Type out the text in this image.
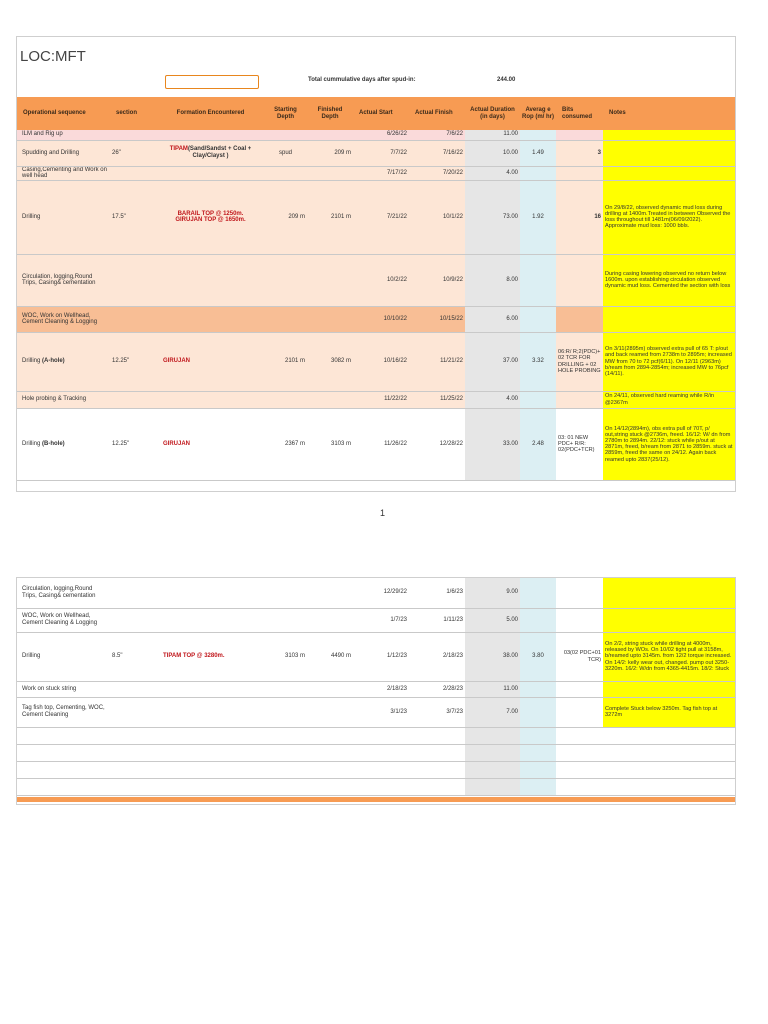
LOC:MFT
Total cummulative days after spud-in:	244.00
Operational sequence	section	Formation Encountered	Starting Depth	Finished Depth	Actual Start	Actual Finish	Actual Duration (in days)	Averag e Rop (m/ hr)	Bits consumed	Notes
ILM and Rig up					6/26/22	7/6/22	11.00			
Spudding and Drilling	26"	TIPAM(Sand/Sandst + Coal + Clay/Clayst )	spud	209 m	7/7/22	7/16/22	10.00	1.49	3	
Casing,Cementing and Work on well head					7/17/22	7/20/22	4.00			
Drilling	17.5"	BARAIL TOP @ 1250m.
GIRUJAN TOP @ 1650m.	209 m	2101 m	7/21/22	10/1/22	73.00	1.92	16	On 29/8/22, observed dynamic mud loss during drilling at 1400m.Treated in between Observed the loss throughout till 1481m(06/09/2022). Approximate mud loss: 1000 bbls.
Circulation, logging,Round Trips, Casing& cementation					10/2/22	10/9/22	8.00			During casing lowering observed no return below 1600m. upon establishing circulation observed dynamic mud loss. Cemented the section with loss
WOC, Work on Wellhead, Cement Cleaning & Logging					10/10/22	10/15/22	6.00			
Drilling (A-hole)	12.25"	GIRUJAN	2101 m	3082 m	10/16/22	11/21/22	37.00	3.32	06:R/ R;2(PDC)+ 02 TCR FOR DRILLING + 02 HOLE PROBING	On 3/11(2895m) observed extra pull of 65 T: p/out and back reamed from 2738m to 2895m; increased MW from 70 to 72 pcf(6/11). On 12/11 (2963m) b/ream from 2894-2854m; increased MW to 76pcf (14/11).
Hole probing & Tracking					11/22/22	11/25/22	4.00			On 24/11, observed hard reaming while R/in @2367m
Drilling (B-hole)	12.25"	GIRUJAN	2367 m	3103 m	11/26/22	12/28/22	33.00	2.48	03: 01 NEW PDC+ R/R: 02(PDC+TCR)	On 14/12(2894m), obs extra pull of 70T, p/ out,string stuck @2736m, freed. 16/12: W/ dn from 2780m to 2894m. 22/12: stuck while p/out at 2871m, freed, b/ream from 2871 to 2859m. stuck at 2859m, freed the same on 24/12. Again back reamed upto 2837(25/12).
1
Circulation, logging,Round Trips, Casing& cementation					12/29/22	1/6/23	9.00			
WOC, Work on Wellhead, Cement Cleaning & Logging					1/7/23	1/11/23	5.00			
Drilling	8.5"	TIPAM TOP @ 3280m.	3103 m	4490 m	1/12/23	2/18/23	38.00	3.80	03(02 PDC+01 TCR)	On 2/2, string stuck while drilling at 4000m, released by WOs. On 10/02 tight pull at 3158m, b/reamed upto 3145m. from 12/2 torque increased. On 14/2: kelly wear out, changed. pump out 3250-3220m. 16/2: W/dn from 4365-4415m. 18/2: Stuck
Work on stuck string					2/18/23	2/28/23	11.00			
Tag fish top, Cementing, WOC, Cement Cleaning					3/1/23	3/7/23	7.00			Complete Stuck below 3250m. Tag fish top at 3272m
